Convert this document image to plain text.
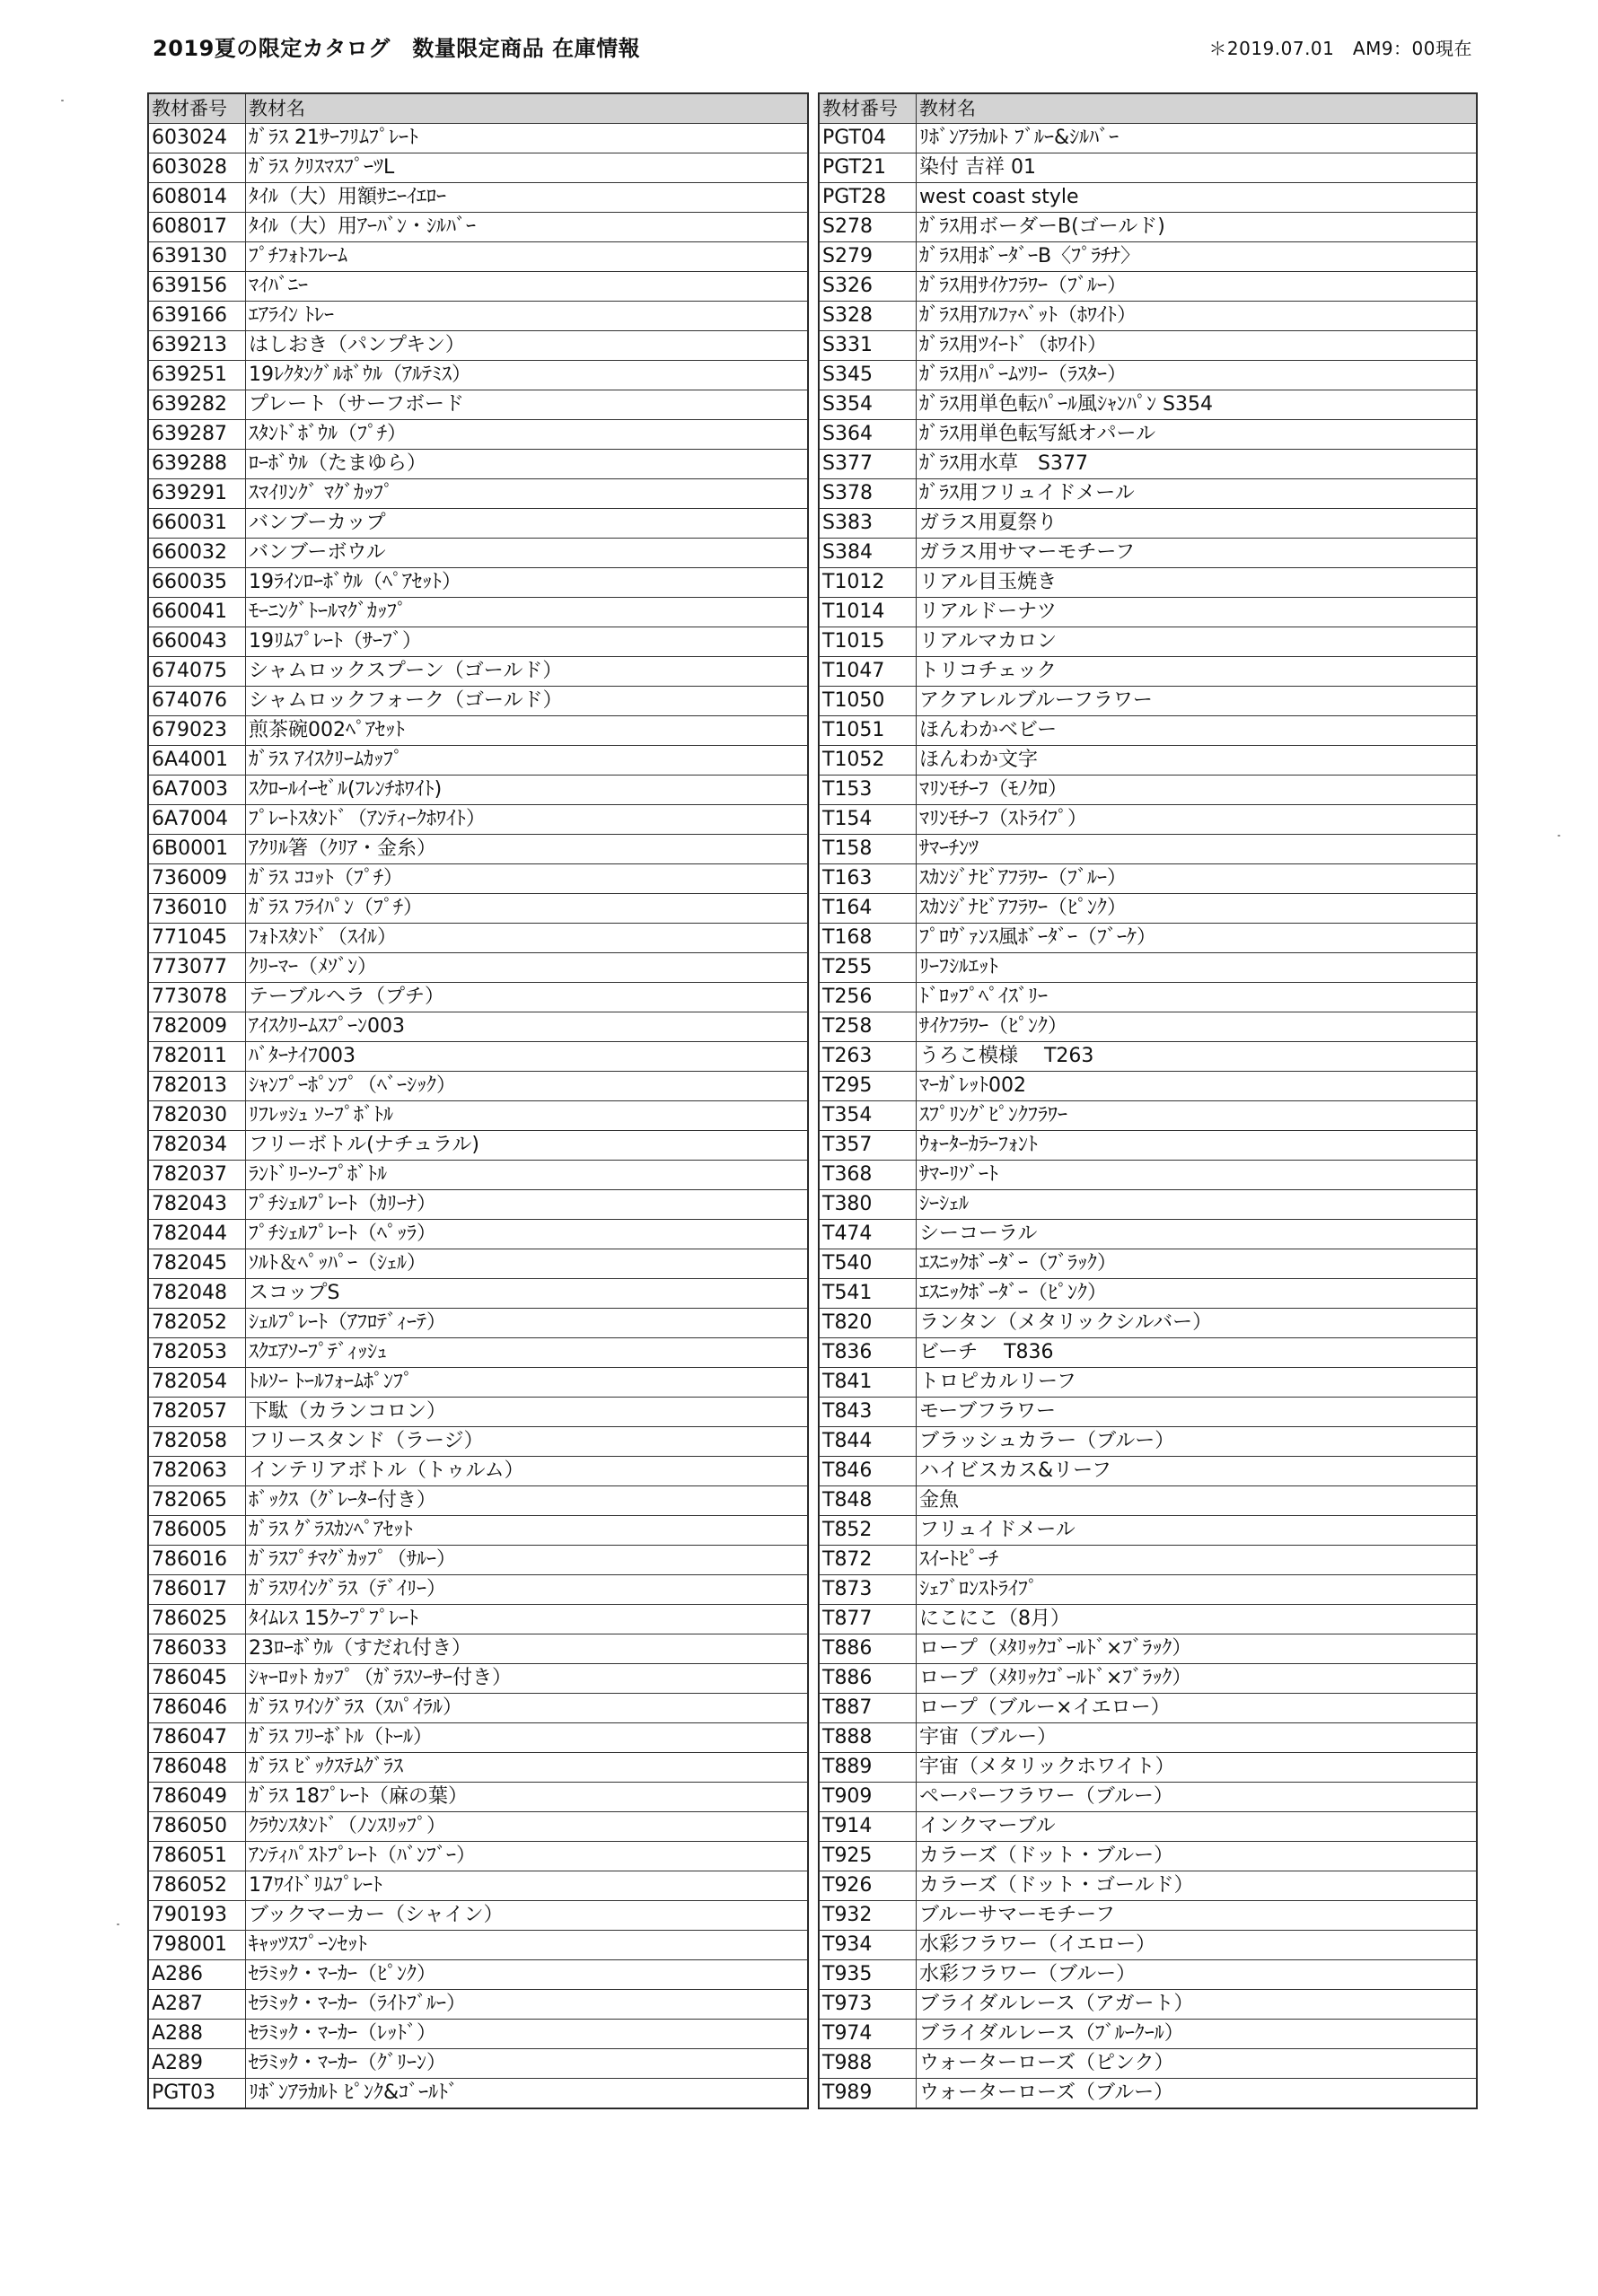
2019夏の限定カタログ　数量限定商品 在庫情報	＊2019.07.01　AM9：00現在
教材番号	教材名
603024	ｶﾞﾗｽ 21ｻｰﾌﾘﾑﾌﾟﾚｰﾄ
603028	ｶﾞﾗｽ ｸﾘｽﾏｽﾌﾟｰﾂL
608014	ﾀｲﾙ（大）用額ｻﾆｰｲｴﾛｰ
608017	ﾀｲﾙ（大）用ｱｰﾊﾞﾝ・ｼﾙﾊﾞｰ
639130	ﾌﾟﾁﾌｫﾄﾌﾚｰﾑ
639156	ﾏｲﾊﾞﾆｰ
639166	ｴｱﾗｲﾝ ﾄﾚｰ
639213	はしおき（パンプキン）
639251	19ﾚｸﾀﾝｸﾞﾙﾎﾞｳﾙ（ｱﾙﾃﾐｽ）
639282	プレート（サーフボード
639287	ｽﾀﾝﾄﾞﾎﾞｳﾙ（ﾌﾟﾁ）
639288	ﾛｰﾎﾞｳﾙ（たまゆら）
639291	ｽﾏｲﾘﾝｸﾞ ﾏｸﾞｶｯﾌﾟ
660031	バンブーカップ
660032	バンブーボウル
660035	19ﾗｲﾝﾛｰﾎﾞｳﾙ（ﾍﾟｱｾｯﾄ）
660041	ﾓｰﾆﾝｸﾞﾄｰﾙﾏｸﾞｶｯﾌﾟ
660043	19ﾘﾑﾌﾟﾚｰﾄ（ｻｰﾌﾞ）
674075	シャムロックスプーン（ゴールド）
674076	シャムロックフォーク（ゴールド）
679023	煎茶碗002ﾍﾟｱｾｯﾄ
6A4001	ｶﾞﾗｽ ｱｲｽｸﾘｰﾑｶｯﾌﾟ
6A7003	ｽｸﾛｰﾙｲｰｾﾞﾙ(ﾌﾚﾝﾁﾎﾜｲﾄ)
6A7004	ﾌﾟﾚｰﾄｽﾀﾝﾄﾞ（ｱﾝﾃｨｰｸﾎﾜｲﾄ）
6B0001	ｱｸﾘﾙ箸（ｸﾘｱ・金糸）
736009	ｶﾞﾗｽ ｺｺｯﾄ（ﾌﾟﾁ）
736010	ｶﾞﾗｽ ﾌﾗｲﾊﾟﾝ（ﾌﾟﾁ）
771045	ﾌｫﾄｽﾀﾝﾄﾞ（ｽｲﾙ）
773077	ｸﾘｰﾏｰ（ﾒｿﾞﾝ）
773078	テーブルヘラ（プチ）
782009	ｱｲｽｸﾘｰﾑｽﾌﾟｰﾝ003
782011	ﾊﾞﾀｰﾅｲﾌ003
782013	ｼｬﾝﾌﾟｰﾎﾟﾝﾌﾟ（ﾍﾞｰｼｯｸ）
782030	ﾘﾌﾚｯｼｭ ｿｰﾌﾟﾎﾞﾄﾙ
782034	フリーボトル(ナチュラル)
782037	ﾗﾝﾄﾞﾘｰｿｰﾌﾟﾎﾞﾄﾙ
782043	ﾌﾟﾁｼｪﾙﾌﾟﾚｰﾄ（ｶﾘｰﾅ）
782044	ﾌﾟﾁｼｪﾙﾌﾟﾚｰﾄ（ﾍﾟｯﾗ）
782045	ｿﾙﾄ＆ﾍﾟｯﾊﾟｰ（ｼｪﾙ）
782048	スコップS
782052	ｼｪﾙﾌﾟﾚｰﾄ（ｱﾌﾛﾃﾞｨｰﾃ）
782053	ｽｸｴｱｿｰﾌﾟﾃﾞｨｯｼｭ
782054	ﾄﾙｿｰ ﾄｰﾙﾌｫｰﾑﾎﾟﾝﾌﾟ
782057	下駄（カランコロン）
782058	フリースタンド（ラージ）
782063	インテリアボトル（トゥルム）
782065	ﾎﾞｯｸｽ（ｸﾞﾚｰﾀｰ付き）
786005	ｶﾞﾗｽ ｸﾞﾗｽｶﾝﾍﾟｱｾｯﾄ
786016	ｶﾞﾗｽﾌﾟﾁﾏｸﾞｶｯﾌﾟ（ｻﾙｰ）
786017	ｶﾞﾗｽﾜｲﾝｸﾞﾗｽ（ﾃﾞｲﾘｰ）
786025	ﾀｲﾑﾚｽ 15ｸｰﾌﾟﾌﾟﾚｰﾄ
786033	23ﾛｰﾎﾞｳﾙ（すだれ付き）
786045	ｼｬｰﾛｯﾄ ｶｯﾌﾟ（ｶﾞﾗｽｿｰｻｰ付き）
786046	ｶﾞﾗｽ ﾜｲﾝｸﾞﾗｽ（ｽﾊﾟｲﾗﾙ）
786047	ｶﾞﾗｽ ﾌﾘｰﾎﾞﾄﾙ（ﾄｰﾙ）
786048	ｶﾞﾗｽ ﾋﾞｯｸｽﾃﾑｸﾞﾗｽ
786049	ｶﾞﾗｽ 18ﾌﾟﾚｰﾄ（麻の葉）
786050	ｸﾗｳﾝｽﾀﾝﾄﾞ（ﾉﾝｽﾘｯﾌﾟ）
786051	ｱﾝﾃｨﾊﾟｽﾄﾌﾟﾚｰﾄ（ﾊﾞﾝﾌﾞｰ）
786052	17ﾜｲﾄﾞﾘﾑﾌﾟﾚｰﾄ
790193	ブックマーカー（シャイン）
798001	ｷｬｯﾂｽﾌﾟｰﾝｾｯﾄ
A286	ｾﾗﾐｯｸ・ﾏｰｶｰ（ﾋﾟﾝｸ）
A287	ｾﾗﾐｯｸ・ﾏｰｶｰ（ﾗｲﾄﾌﾞﾙｰ）
A288	ｾﾗﾐｯｸ・ﾏｰｶｰ（ﾚｯﾄﾞ）
A289	ｾﾗﾐｯｸ・ﾏｰｶｰ（ｸﾞﾘｰﾝ）
PGT03	ﾘﾎﾞﾝｱﾗｶﾙﾄ ﾋﾟﾝｸ&ｺﾞｰﾙﾄﾞ
教材番号	教材名
PGT04	ﾘﾎﾞﾝｱﾗｶﾙﾄ ﾌﾞﾙｰ&ｼﾙﾊﾞｰ
PGT21	染付 吉祥 01
PGT28	west coast style
S278	ｶﾞﾗｽ用ボーダーB(ゴールド)
S279	ｶﾞﾗｽ用ﾎﾞｰﾀﾞｰB〈ﾌﾟﾗﾁﾅ〉
S326	ｶﾞﾗｽ用ｻｲｹﾌﾗﾜｰ（ﾌﾞﾙｰ）
S328	ｶﾞﾗｽ用ｱﾙﾌｧﾍﾞｯﾄ（ﾎﾜｲﾄ）
S331	ｶﾞﾗｽ用ﾂｲｰﾄﾞ（ﾎﾜｲﾄ）
S345	ｶﾞﾗｽ用ﾊﾟｰﾑﾂﾘｰ（ﾗｽﾀｰ）
S354	ｶﾞﾗｽ用単色転ﾊﾟｰﾙ風ｼｬﾝﾊﾟﾝ S354
S364	ｶﾞﾗｽ用単色転写紙オパール
S377	ｶﾞﾗｽ用水草　S377
S378	ｶﾞﾗｽ用フリュイドメール
S383	ガラス用夏祭り
S384	ガラス用サマーモチーフ
T1012	リアル目玉焼き
T1014	リアルドーナツ
T1015	リアルマカロン
T1047	トリコチェック
T1050	アクアレルブルーフラワー
T1051	ほんわかベビー
T1052	ほんわか文字
T153	ﾏﾘﾝﾓﾁｰﾌ（ﾓﾉｸﾛ）
T154	ﾏﾘﾝﾓﾁｰﾌ（ｽﾄﾗｲﾌﾟ）
T158	ｻﾏｰﾁﾝﾂ
T163	ｽｶﾝｼﾞﾅﾋﾞｱﾌﾗﾜｰ（ﾌﾞﾙｰ）
T164	ｽｶﾝｼﾞﾅﾋﾞｱﾌﾗﾜｰ（ﾋﾟﾝｸ）
T168	ﾌﾟﾛｳﾞｧﾝｽ風ﾎﾞｰﾀﾞｰ（ﾌﾞｰｹ）
T255	ﾘｰﾌｼﾙｴｯﾄ
T256	ﾄﾞﾛｯﾌﾟﾍﾟｲｽﾞﾘｰ
T258	ｻｲｹﾌﾗﾜｰ（ﾋﾟﾝｸ）
T263	うろこ模様　 T263
T295	ﾏｰｶﾞﾚｯﾄ002
T354	ｽﾌﾟﾘﾝｸﾞﾋﾟﾝｸﾌﾗﾜｰ
T357	ｳｫｰﾀｰｶﾗｰﾌｫﾝﾄ
T368	ｻﾏｰﾘｿﾞｰﾄ
T380	ｼｰｼｪﾙ
T474	シーコーラル
T540	ｴｽﾆｯｸﾎﾞｰﾀﾞｰ（ﾌﾞﾗｯｸ）
T541	ｴｽﾆｯｸﾎﾞｰﾀﾞｰ（ﾋﾟﾝｸ）
T820	ランタン（メタリックシルバー）
T836	ビーチ　 T836
T841	トロピカルリーフ
T843	モーブフラワー
T844	ブラッシュカラー（ブルー）
T846	ハイビスカス&リーフ
T848	金魚
T852	フリュイドメール
T872	ｽｲｰﾄﾋﾟｰﾁ
T873	ｼｪﾌﾞﾛﾝｽﾄﾗｲﾌﾟ
T877	にこにこ（8月）
T886	ロープ（ﾒﾀﾘｯｸｺﾞｰﾙﾄﾞ×ﾌﾞﾗｯｸ）
T886	ロープ（ﾒﾀﾘｯｸｺﾞｰﾙﾄﾞ×ﾌﾞﾗｯｸ）
T887	ロープ（ブルー×イエロー）
T888	宇宙（ブルー）
T889	宇宙（メタリックホワイト）
T909	ペーパーフラワー（ブルー）
T914	インクマーブル
T925	カラーズ（ドット・ブルー）
T926	カラーズ（ドット・ゴールド）
T932	ブルーサマーモチーフ
T934	水彩フラワー（イエロー）
T935	水彩フラワー（ブルー）
T973	ブライダルレース（アガート）
T974	ブライダルレース（ﾌﾞﾙｰｸｰﾙ）
T988	ウォーターローズ（ピンク）
T989	ウォーターローズ（ブルー）
